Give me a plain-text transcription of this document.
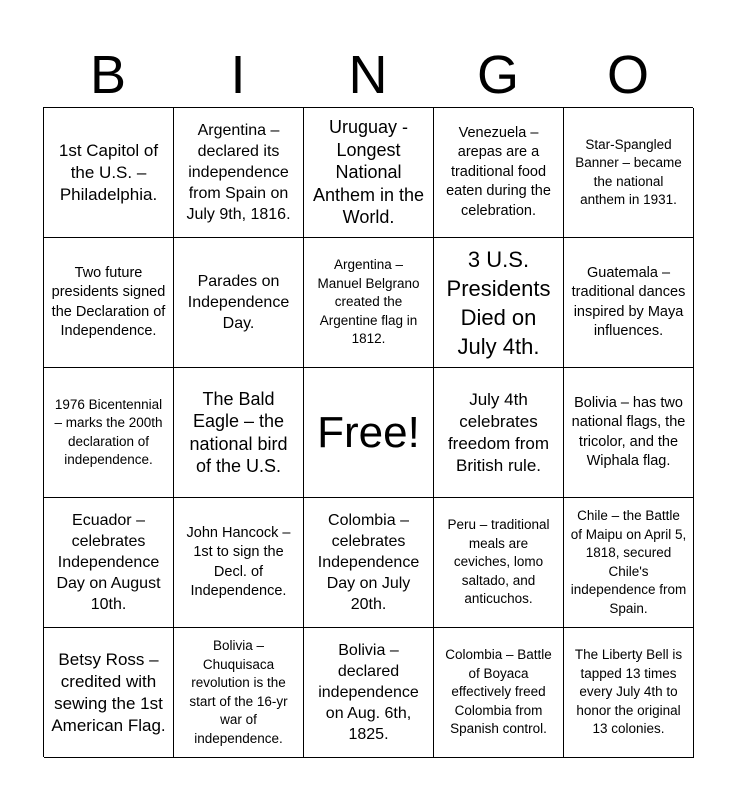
B	I	N	G	O
1st Capitol of the U.S. – Philadelphia.
Argentina – declared its independence from Spain on July 9th, 1816.
Uruguay - Longest National Anthem in the World.
Venezuela – arepas are a traditional food eaten during the celebration.
Star-Spangled Banner – became the national anthem in 1931.
Two future presidents signed the Declaration of Independence.
Parades on Independence Day.
Argentina – Manuel Belgrano created the Argentine flag in 1812.
3 U.S. Presidents Died on July 4th.
Guatemala – traditional dances inspired by Maya influences.
1976 Bicentennial – marks the 200th declaration of independence.
The Bald Eagle – the national bird of the U.S.
Free!
July 4th celebrates freedom from British rule.
Bolivia – has two national flags, the tricolor, and the Wiphala flag.
Ecuador – celebrates Independence Day on August 10th.
John Hancock – 1st to sign the Decl. of Independence.
Colombia – celebrates Independence Day on July 20th.
Peru – traditional meals are ceviches, lomo saltado, and anticuchos.
Chile – the Battle of Maipu on April 5, 1818, secured Chile's independence from Spain.
Betsy Ross – credited with sewing the 1st American Flag.
Bolivia – Chuquisaca revolution is the start of the 16-yr war of independence.
Bolivia – declared independence on Aug. 6th, 1825.
Colombia – Battle of Boyaca effectively freed Colombia from Spanish control.
The Liberty Bell is tapped 13 times every July 4th to honor the original 13 colonies.
